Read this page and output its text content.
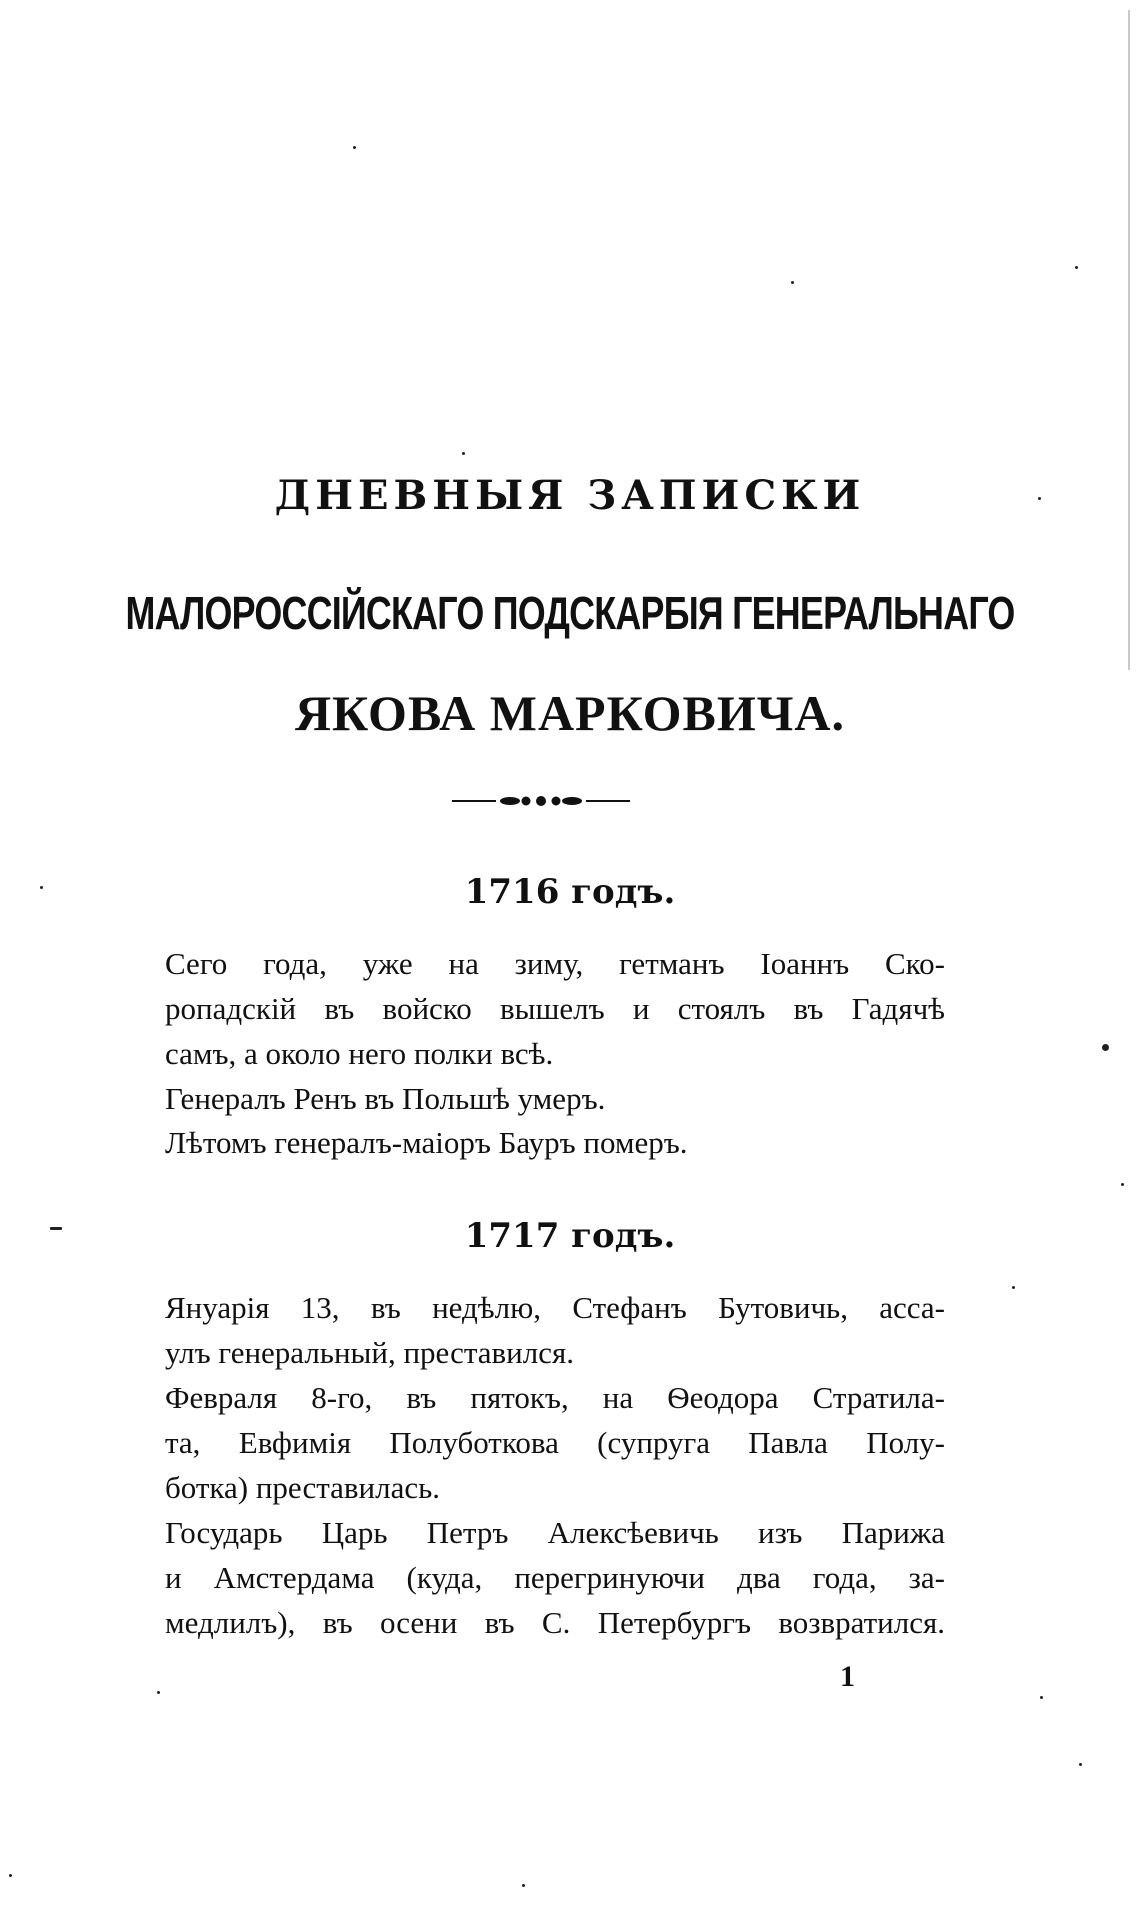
ДНЕВНЫЯ ЗАПИСКИ
МАЛОРОССІЙСКАГО ПОДСКАРБІЯ ГЕНЕРАЛЬНАГО
ЯКОВА МАРКОВИЧА.
1716 годъ.

Сего года, уже на зиму, гетманъ Іоаннъ Ско-
ропадскій въ войско вышелъ и стоялъ въ Гадячѣ
самъ, а около него полки всѣ.

Генералъ Ренъ въ Польшѣ умеръ.

Лѣтомъ генералъ-маіоръ Бауръ померъ.

1717 годъ.

Януарія 13, въ недѣлю, Стефанъ Бутовичь, асса-
улъ генеральный, преставился.

Февраля 8-го, въ пятокъ, на Ѳеодора Стратила-
та, Евфимія Полуботкова (супруга Павла Полу-
ботка) преставилась.

Государь Царь Петръ Алексѣевичь изъ Парижа
и Амстердама (куда, перегринуючи два года, за-
медлилъ), въ осени въ С. Петербургъ возвратился.

1
